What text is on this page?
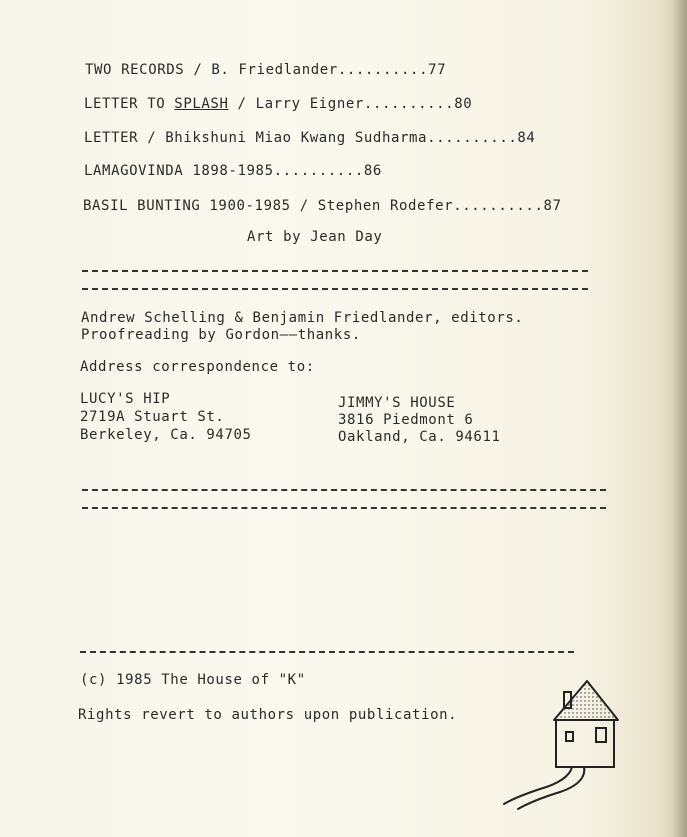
TWO RECORDS / B. Friedlander..........77
LETTER TO SPLASH / Larry Eigner..........80
LETTER / Bhikshuni Miao Kwang Sudharma..........84
LAMAGOVINDA 1898-1985..........86
BASIL BUNTING 1900-1985 / Stephen Rodefer..........87
Art by Jean Day
Andrew Schelling & Benjamin Friedlander, editors.
Proofreading by Gordon——thanks.
Address correspondence to:
LUCY'S HIP
2719A Stuart St.
Berkeley, Ca. 94705
JIMMY'S HOUSE
3816 Piedmont 6
Oakland, Ca. 94611
(c) 1985 The House of "K"
Rights revert to authors upon publication.
